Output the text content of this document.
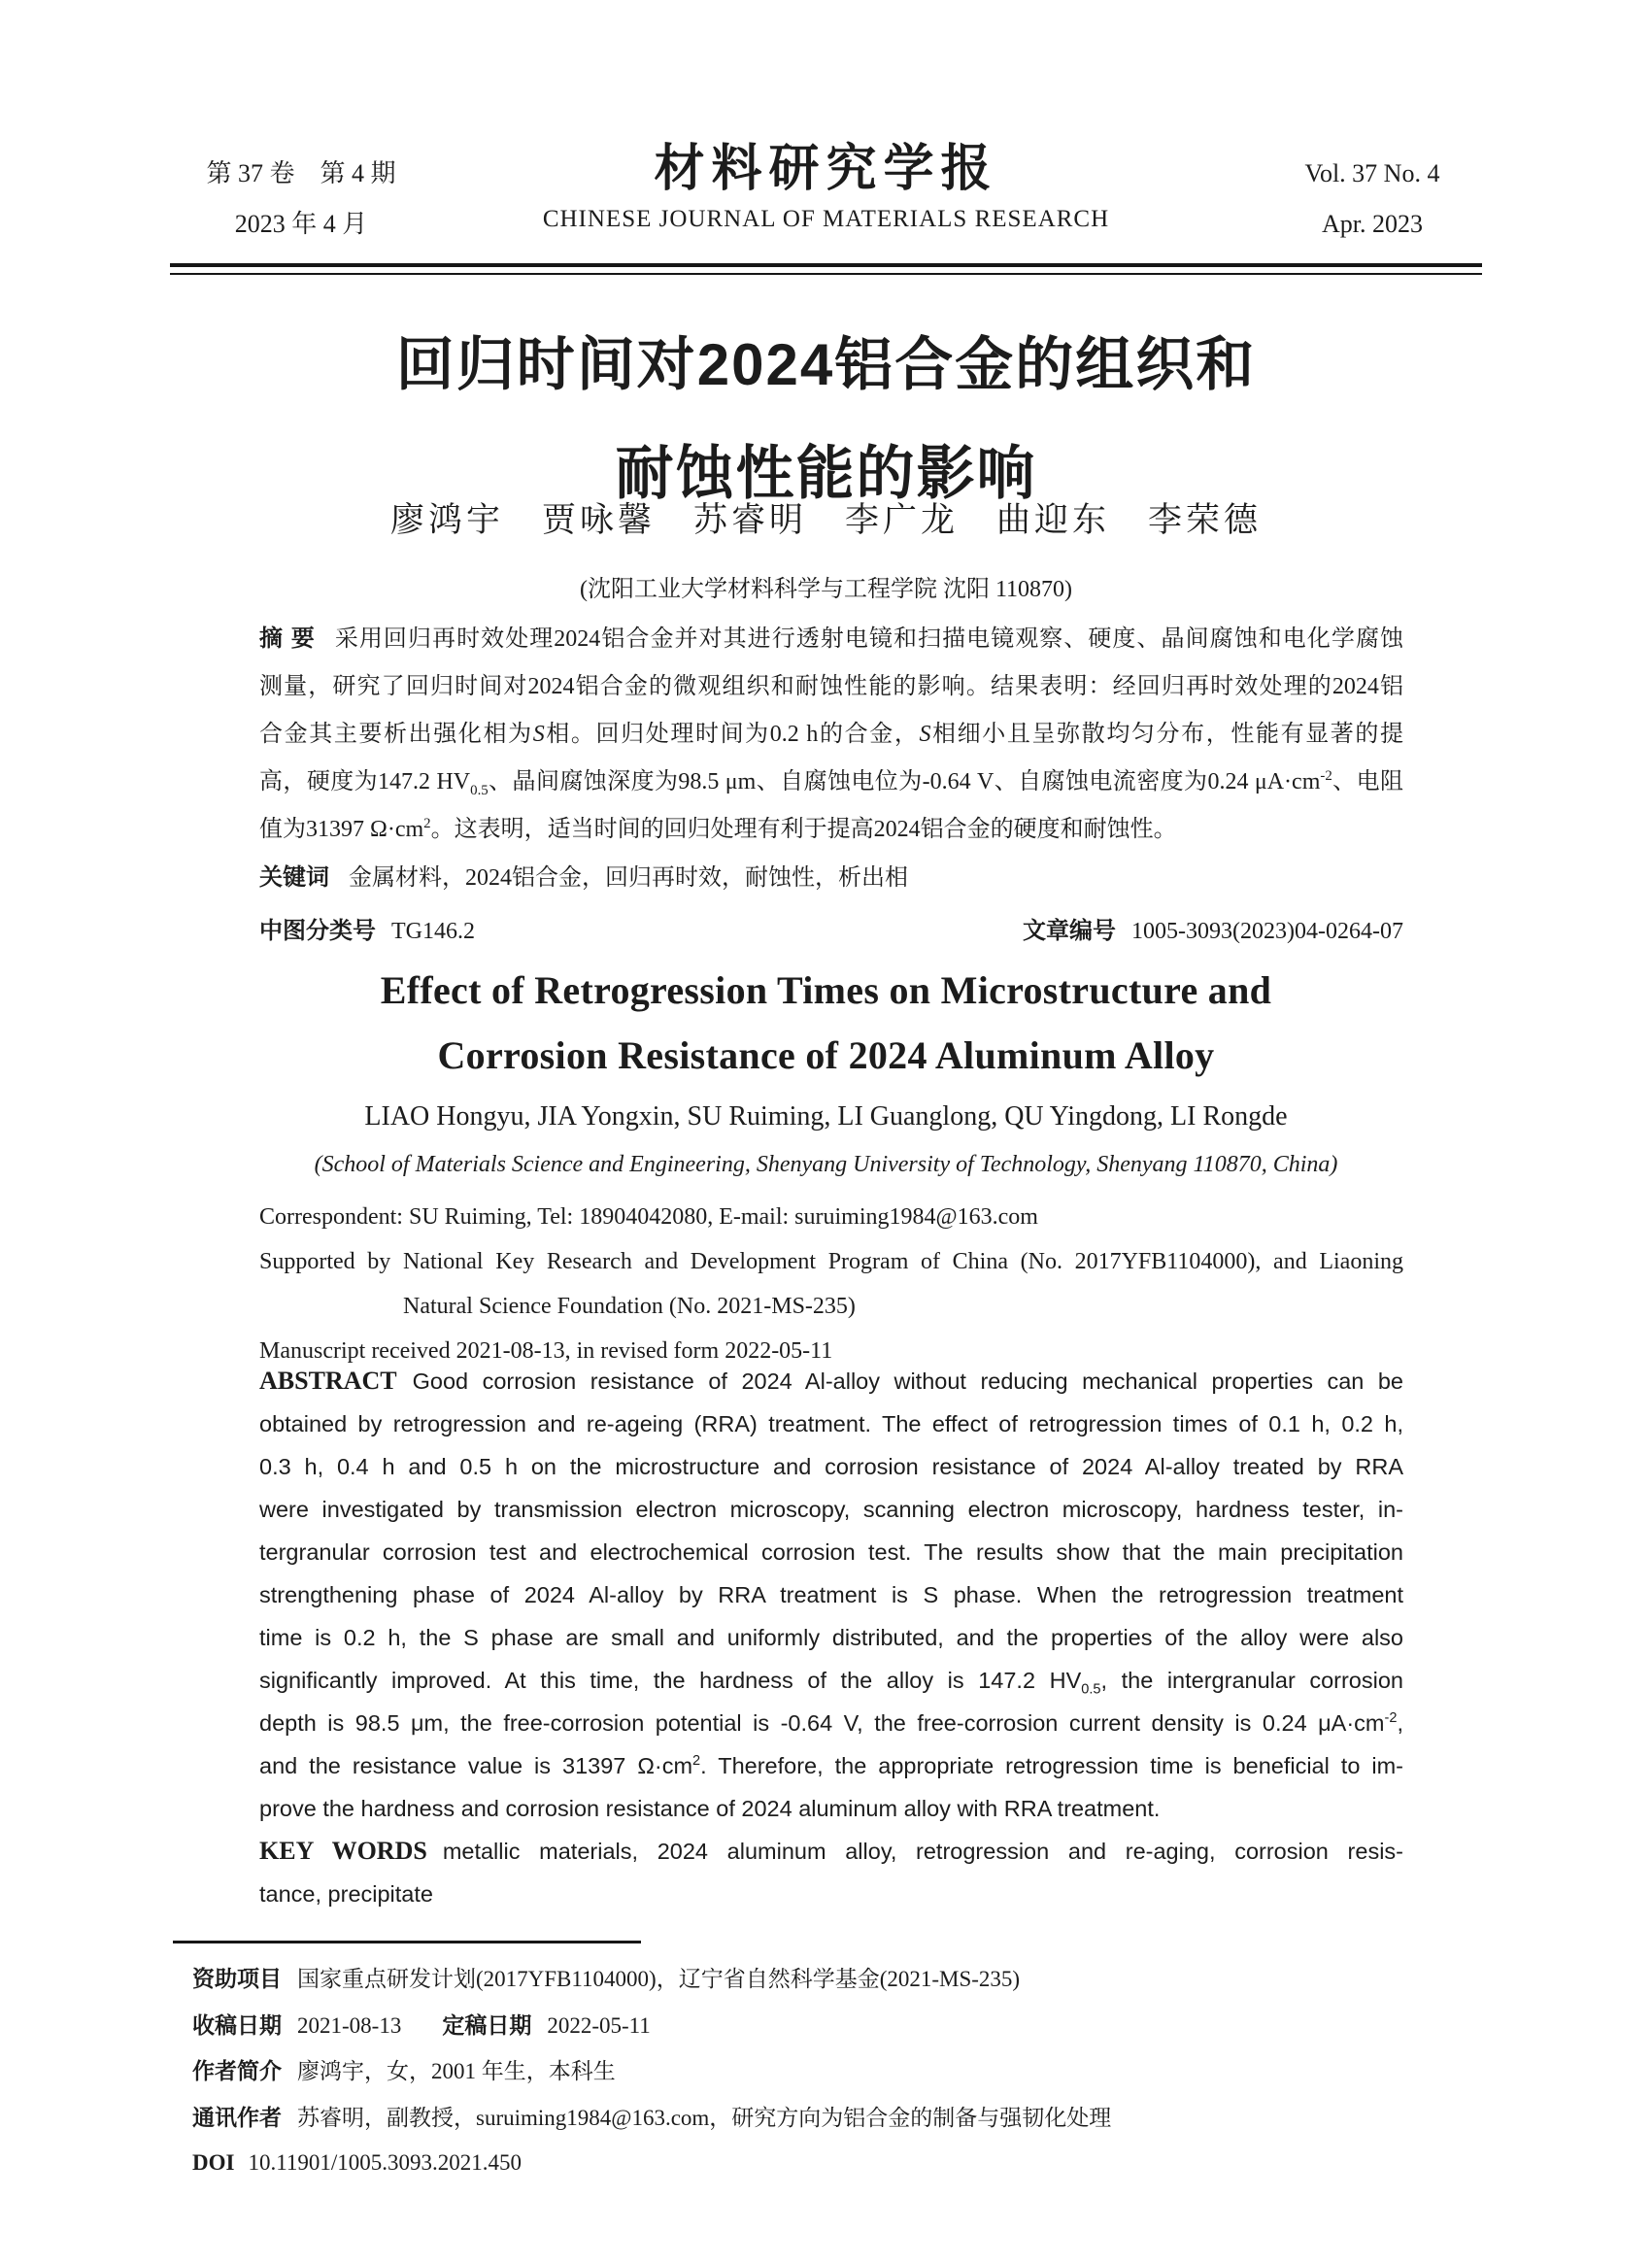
第 37 卷　第 4 期
2023 年 4 月
材料研究学报
CHINESE JOURNAL OF MATERIALS RESEARCH
Vol. 37 No. 4
Apr. 2023
回归时间对2024铝合金的组织和
耐蚀性能的影响
廖鸿宇　贾咏馨　苏睿明　李广龙　曲迎东　李荣德
(沈阳工业大学材料科学与工程学院 沈阳 110870)
摘 要 采用回归再时效处理2024铝合金并对其进行透射电镜和扫描电镜观察、硬度、晶间腐蚀和电化学腐蚀
测量，研究了回归时间对2024铝合金的微观组织和耐蚀性能的影响。结果表明：经回归再时效处理的2024铝
合金其主要析出强化相为S相。回归处理时间为0.2 h的合金，S相细小且呈弥散均匀分布，性能有显著的提
高，硬度为147.2 $HV_{0.5}$、晶间腐蚀深度为98.5 μm、自腐蚀电位为-0.64 V、自腐蚀电流密度为0.24 $\mu A\cdot cm^{-2}$、电阻
值为31397 $\Omega\cdot cm^2$。这表明，适当时间的回归处理有利于提高2024铝合金的硬度和耐蚀性。
关键词 金属材料，2024铝合金，回归再时效，耐蚀性，析出相
中图分类号 TG146.2	文章编号 1005-3093(2023)04-0264-07
Effect of Retrogression Times on Microstructure and
Corrosion Resistance of 2024 Aluminum Alloy
LIAO Hongyu, JIA Yongxin, SU Ruiming, LI Guanglong, QU Yingdong, LI Rongde
(School of Materials Science and Engineering, Shenyang University of Technology, Shenyang 110870, China)
Correspondent: SU Ruiming, Tel: 18904042080, E-mail: suruiming1984@163.com
Supported by National Key Research and Development Program of China (No. 2017YFB1104000), and Liaoning
Natural Science Foundation (No. 2021-MS-235)
Manuscript received 2021-08-13, in revised form 2022-05-11
ABSTRACT Good corrosion resistance of 2024 Al-alloy without reducing mechanical properties can be
obtained by retrogression and re-ageing (RRA) treatment. The effect of retrogression times of 0.1 h, 0.2 h,
0.3 h, 0.4 h and 0.5 h on the microstructure and corrosion resistance of 2024 Al-alloy treated by RRA
were investigated by transmission electron microscopy, scanning electron microscopy, hardness tester, in-
tergranular corrosion test and electrochemical corrosion test. The results show that the main precipitation
strengthening phase of 2024 Al-alloy by RRA treatment is S phase. When the retrogression treatment
time is 0.2 h, the S phase are small and uniformly distributed, and the properties of the alloy were also
significantly improved. At this time, the hardness of the alloy is 147.2 $HV_{0.5}$, the intergranular corrosion
depth is 98.5 μm, the free-corrosion potential is -0.64 V, the free-corrosion current density is 0.24 $\mu A\cdot cm^{-2}$,
and the resistance value is 31397 $\Omega\cdot cm^2$. Therefore, the appropriate retrogression time is beneficial to im-
prove the hardness and corrosion resistance of 2024 aluminum alloy with RRA treatment.
KEY WORDS metallic materials, 2024 aluminum alloy, retrogression and re-aging, corrosion resis-
tance, precipitate
资助项目 国家重点研发计划(2017YFB1104000)，辽宁省自然科学基金(2021-MS-235)
收稿日期 2021-08-13 定稿日期 2022-05-11
作者简介 廖鸿宇，女，2001 年生，本科生
通讯作者 苏睿明，副教授，suruiming1984@163.com，研究方向为铝合金的制备与强韧化处理
DOI 10.11901/1005.3093.2021.450
